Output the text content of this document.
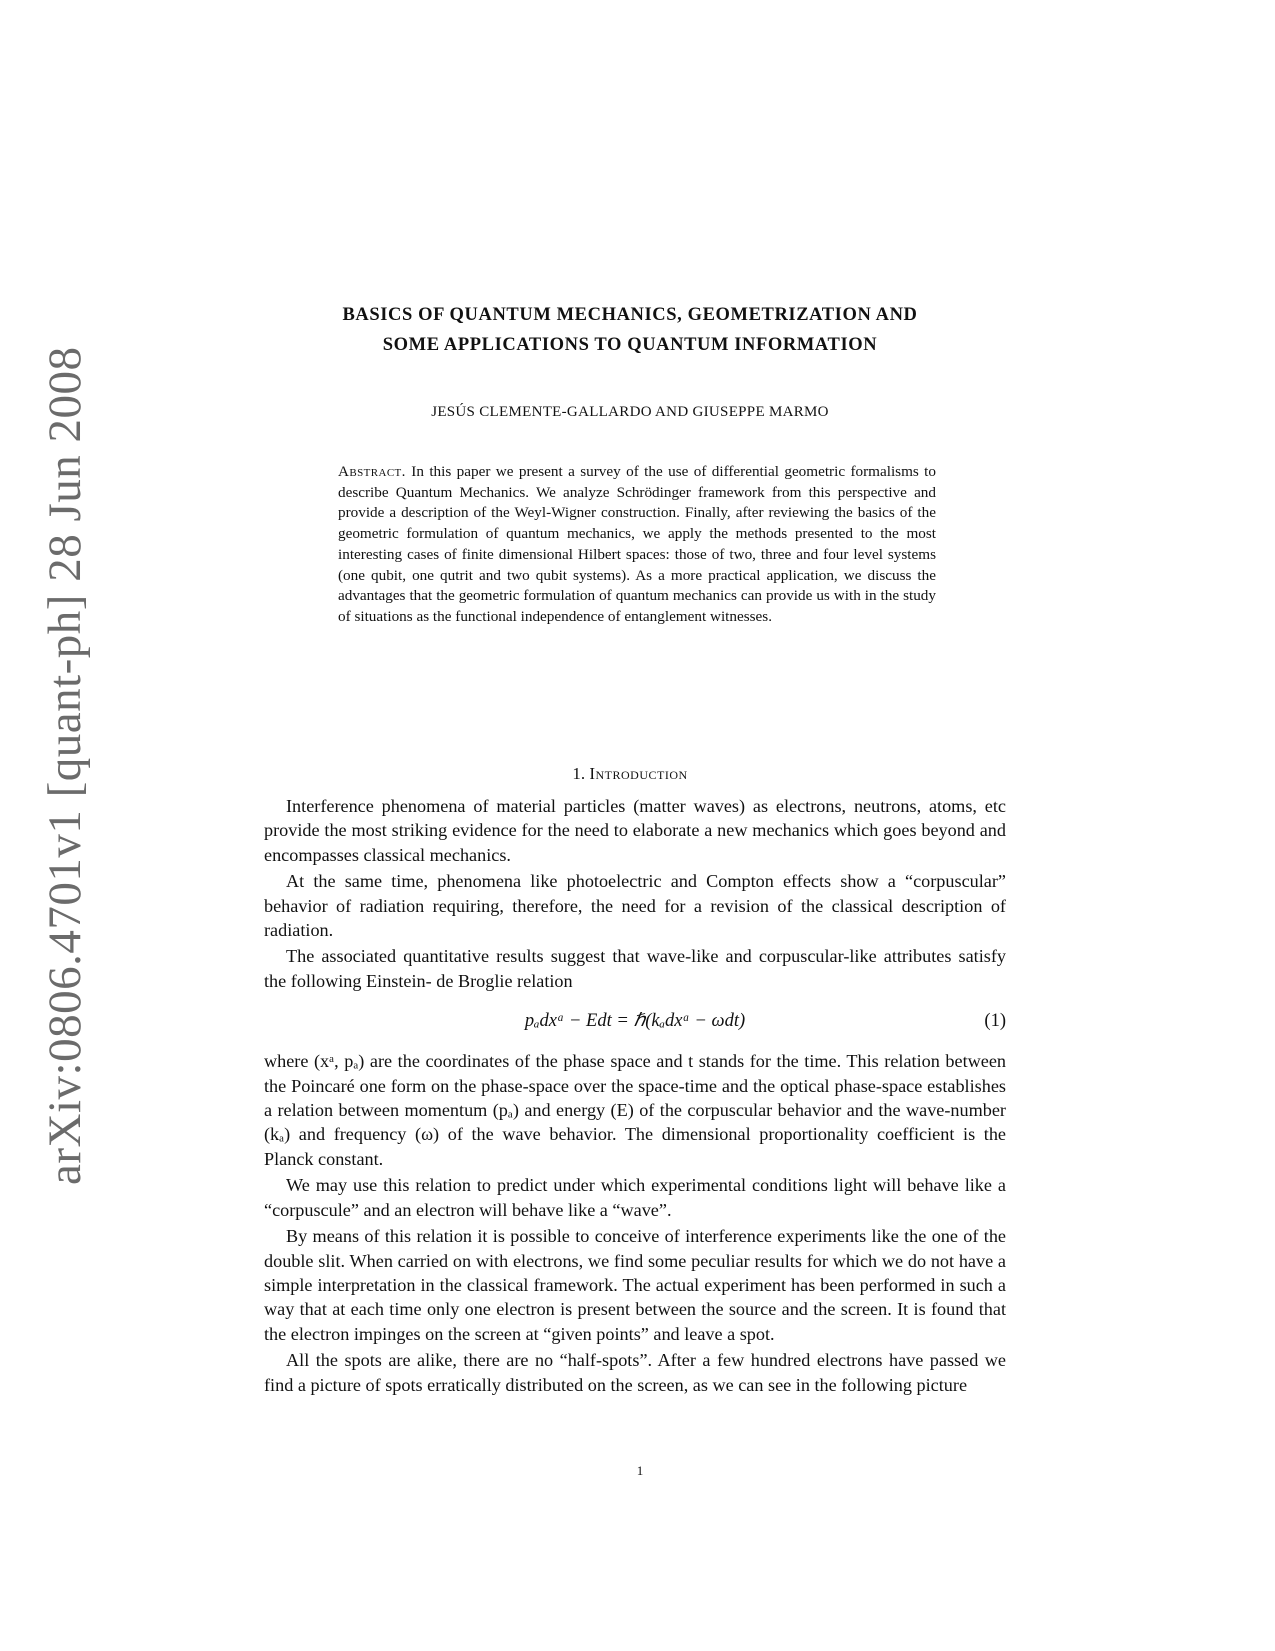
arXiv:0806.4701v1 [quant-ph] 28 Jun 2008
BASICS OF QUANTUM MECHANICS, GEOMETRIZATION AND
SOME APPLICATIONS TO QUANTUM INFORMATION
JESÚS CLEMENTE-GALLARDO AND GIUSEPPE MARMO
Abstract. In this paper we present a survey of the use of differential geometric formalisms to describe Quantum Mechanics. We analyze Schrödinger framework from this perspective and provide a description of the Weyl-Wigner construction. Finally, after reviewing the basics of the geometric formulation of quantum mechanics, we apply the methods presented to the most interesting cases of finite dimensional Hilbert spaces: those of two, three and four level systems (one qubit, one qutrit and two qubit systems). As a more practical application, we discuss the advantages that the geometric formulation of quantum mechanics can provide us with in the study of situations as the functional independence of entanglement witnesses.
1. Introduction

Interference phenomena of material particles (matter waves) as electrons, neutrons, atoms, etc provide the most striking evidence for the need to elaborate a new mechanics which goes beyond and encompasses classical mechanics.

At the same time, phenomena like photoelectric and Compton effects show a “corpuscular” behavior of radiation requiring, therefore, the need for a revision of the classical description of radiation.

The associated quantitative results suggest that wave-like and corpuscular-like attributes satisfy the following Einstein- de Broglie relation

pₐdxᵃ − Edt = ℏ(kₐdxᵃ − ωdt)	(1)

where (xᵃ, pₐ) are the coordinates of the phase space and t stands for the time. This relation between the Poincaré one form on the phase-space over the space-time and the optical phase-space establishes a relation between momentum (pₐ) and energy (E) of the corpuscular behavior and the wave-number (kₐ) and frequency (ω) of the wave behavior. The dimensional proportionality coefficient is the Planck constant.

We may use this relation to predict under which experimental conditions light will behave like a “corpuscule” and an electron will behave like a “wave”.

By means of this relation it is possible to conceive of interference experiments like the one of the double slit. When carried on with electrons, we find some peculiar results for which we do not have a simple interpretation in the classical framework. The actual experiment has been performed in such a way that at each time only one electron is present between the source and the screen. It is found that the electron impinges on the screen at “given points” and leave a spot.

All the spots are alike, there are no “half-spots”. After a few hundred electrons have passed we find a picture of spots erratically distributed on the screen, as we can see in the following picture

1
